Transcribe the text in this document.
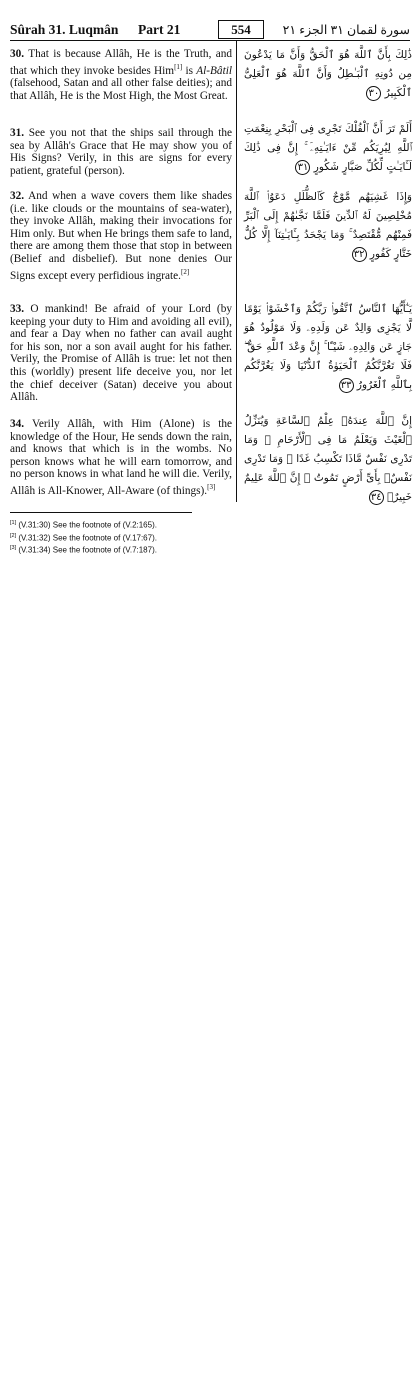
Sûrah 31. Luqmân Part 21	554	سورة لقمان ٣١ الجزء ٢١
30. That is because Allâh, He is the Truth, and that which they invoke besides Him[1] is Al-Bâtil (falsehood, Satan and all other false deities); and that Allâh, He is the Most High, the Most Great.
31. See you not that the ships sail through the sea by Allâh's Grace that He may show you of His Signs? Verily, in this are signs for every patient, grateful (person).
32. And when a wave covers them like shades (i.e. like clouds or the mountains of sea-water), they invoke Allâh, making their invocations for Him only. But when He brings them safe to land, there are among them those that stop in between (Belief and disbelief). But none denies Our Signs except every perfidious ingrate.[2]
33. O mankind! Be afraid of your Lord (by keeping your duty to Him and avoiding all evil), and fear a Day when no father can avail aught for his son, nor a son avail aught for his father. Verily, the Promise of Allâh is true: let not then this (worldly) present life deceive you, nor let the chief deceiver (Satan) deceive you about Allâh.
34. Verily Allâh, with Him (Alone) is the knowledge of the Hour, He sends down the rain, and knows that which is in the wombs. No person knows what he will earn tomorrow, and no person knows in what land he will die. Verily, Allâh is All-Knower, All-Aware (of things).[3]
ذَٰلِكَ بِأَنَّ ٱللَّهَ هُوَ ٱلْحَقُّ وَأَنَّ مَا يَدْعُونَ مِن دُونِهِ ٱلْبَـٰطِلُ وَأَنَّ ٱللَّهَ هُوَ ٱلْعَلِىُّ ٱلْكَبِيرُ ٣٠
أَلَمْ تَرَ أَنَّ ٱلْفُلْكَ تَجْرِى فِى ٱلْبَحْرِ بِنِعْمَتِ ٱللَّهِ لِيُرِيَكُم مِّنْ ءَايَـٰتِهِۦٓ ۚ إِنَّ فِى ذَٰلِكَ لَـَٔايَـٰتٍ لِّكُلِّ صَبَّارٍ شَكُورٍ ٣١
وَإِذَا غَشِيَهُم مَّوْجٌ كَٱلظُّلَلِ دَعَوُا۟ ٱللَّهَ مُخْلِصِينَ لَهُ ٱلدِّينَ فَلَمَّا نَجَّىٰهُمْ إِلَى ٱلْبَرِّ فَمِنْهُم مُّقْتَصِدٌ ۚ وَمَا يَجْحَدُ بِـَٔايَـٰتِنَآ إِلَّا كُلُّ خَتَّارٍ كَفُورٍ ٣٢
يَـٰٓأَيُّهَا ٱلنَّاسُ ٱتَّقُوا۟ رَبَّكُمْ وَٱخْشَوْا۟ يَوْمًا لَّا يَجْزِى وَالِدٌ عَن وَلَدِهِۦ وَلَا مَوْلُودٌ هُوَ جَازٍ عَن وَالِدِهِۦ شَيْـًٔا ۚ إِنَّ وَعْدَ ٱللَّهِ حَقٌّ ۖ فَلَا تَغُرَّنَّكُمُ ٱلْحَيَوٰةُ ٱلدُّنْيَا وَلَا يَغُرَّنَّكُم بِٱللَّهِ ٱلْغَرُورُ ٣٣
إِنَّ ٱللَّهَ عِندَهُۥ عِلْمُ ٱلسَّاعَةِ وَيُنَزِّلُ ٱلْغَيْثَ وَيَعْلَمُ مَا فِى ٱلْأَرْحَامِ ۖ وَمَا تَدْرِى نَفْسٌ مَّاذَا تَكْسِبُ غَدًا ۖ وَمَا تَدْرِى نَفْسٌۢ بِأَىِّ أَرْضٍ تَمُوتُ ۚ إِنَّ ٱللَّهَ عَلِيمٌ خَبِيرٌۢ ٣٤
[1] (V.31:30) See the footnote of (V.2:165).
[2] (V.31:32) See the footnote of (V.17:67).
[3] (V.31:34) See the footnote of (V.7:187).
